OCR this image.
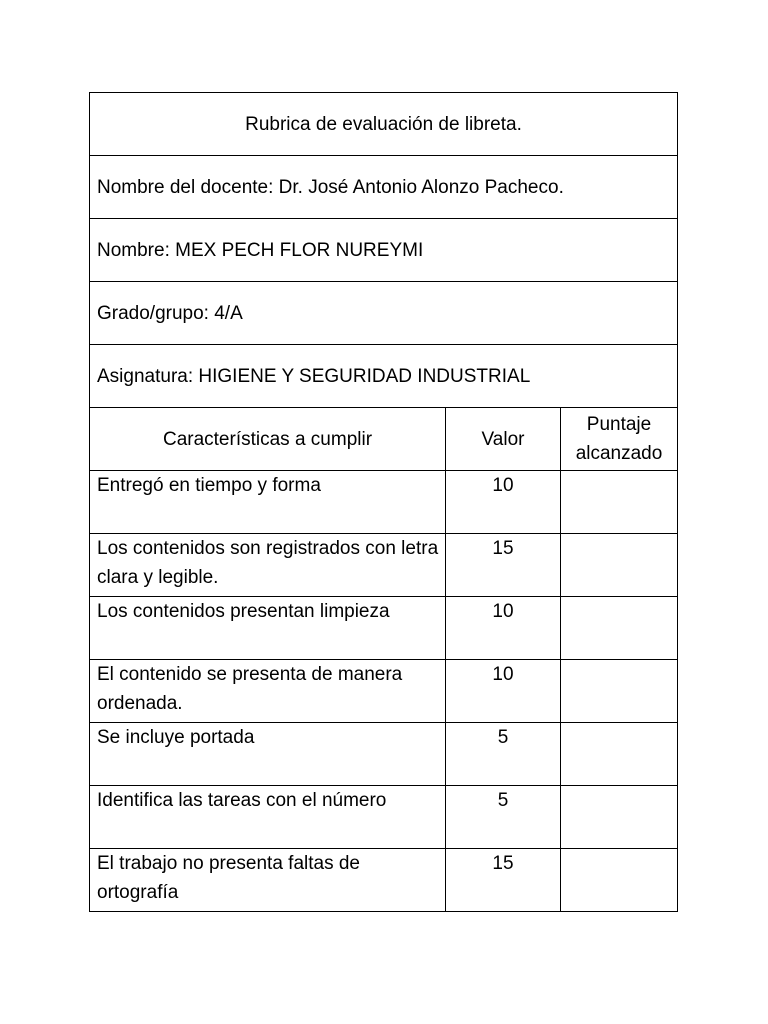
Rubrica de evaluación de libreta.		
Nombre del docente: Dr. José Antonio Alonzo Pacheco.		
Nombre: MEX PECH FLOR NUREYMI		
Grado/grupo: 4/A		
Asignatura: HIGIENE Y SEGURIDAD INDUSTRIAL		
Características a cumplir	Valor	Puntaje alcanzado
Entregó en tiempo y forma	10	
Los contenidos son registrados con letra clara y legible.	15	
Los contenidos presentan limpieza	10	
El contenido se presenta de manera ordenada.	10	
Se incluye portada	5	
Identifica las tareas con el número	5	
El trabajo no presenta faltas de ortografía	15	
